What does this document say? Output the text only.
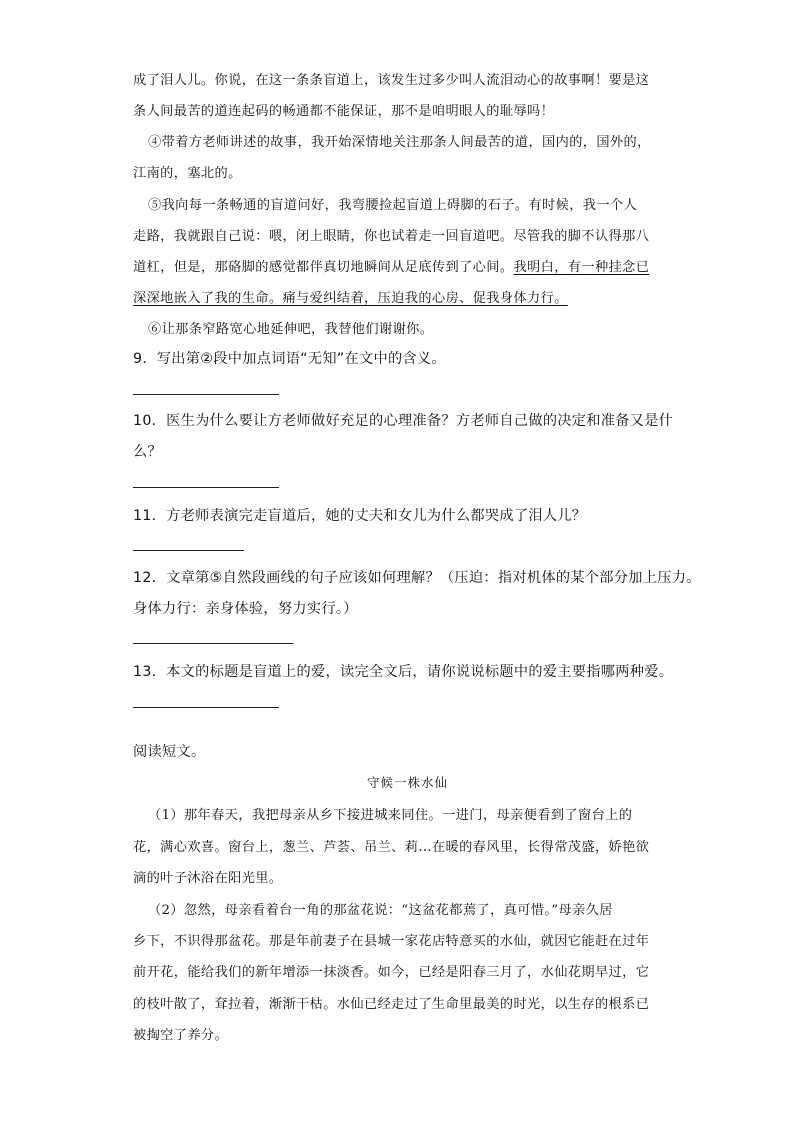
成了泪人儿。你说，在这一条条盲道上，该发生过多少叫人流泪动心的故事啊！要是这
条人间最苦的道连起码的畅通都不能保证，那不是咱明眼人的耻辱吗！
④带着方老师讲述的故事，我开始深情地关注那条人间最苦的道，国内的，国外的，
江南的，塞北的。
⑤我向每一条畅通的盲道问好，我弯腰捡起盲道上碍脚的石子。有时候，我一个人
走路，我就跟自己说：喂，闭上眼睛，你也试着走一回盲道吧。尽管我的脚不认得那八
道杠，但是，那硌脚的感觉都伴真切地瞬间从足底传到了心间。我明白，有一种挂念已
深深地嵌入了我的生命。痛与爱纠结着，压迫我的心房、促我身体力行。
⑥让那条窄路宽心地延伸吧，我替他们谢谢你。
9．写出第②段中加点词语“无知”在文中的含义。
10．医生为什么要让方老师做好充足的心理准备？方老师自己做的决定和准备又是什
么？
11．方老师表演完走盲道后，她的丈夫和女儿为什么都哭成了泪人儿？
12．文章第⑤自然段画线的句子应该如何理解？（压迫：指对机体的某个部分加上压力。
身体力行：亲身体验，努力实行。）
13．本文的标题是盲道上的爱，读完全文后，请你说说标题中的爱主要指哪两种爱。
阅读短文。
守候一株水仙
（1）那年春天，我把母亲从乡下接进城来同住。一进门，母亲便看到了窗台上的
花，满心欢喜。窗台上，葱兰、芦荟、吊兰、莉…在暖的春风里，长得常茂盛，娇艳欲
滴的叶子沐浴在阳光里。
（2）忽然，母亲看着台一角的那盆花说：“这盆花都蔫了，真可惜。”母亲久居
乡下，不识得那盆花。那是年前妻子在县城一家花店特意买的水仙，就因它能赶在过年
前开花，能给我们的新年增添一抹淡香。如今，已经是阳春三月了，水仙花期早过，它
的枝叶散了，耷拉着，渐渐干枯。水仙已经走过了生命里最美的时光，以生存的根系已
被掏空了养分。
